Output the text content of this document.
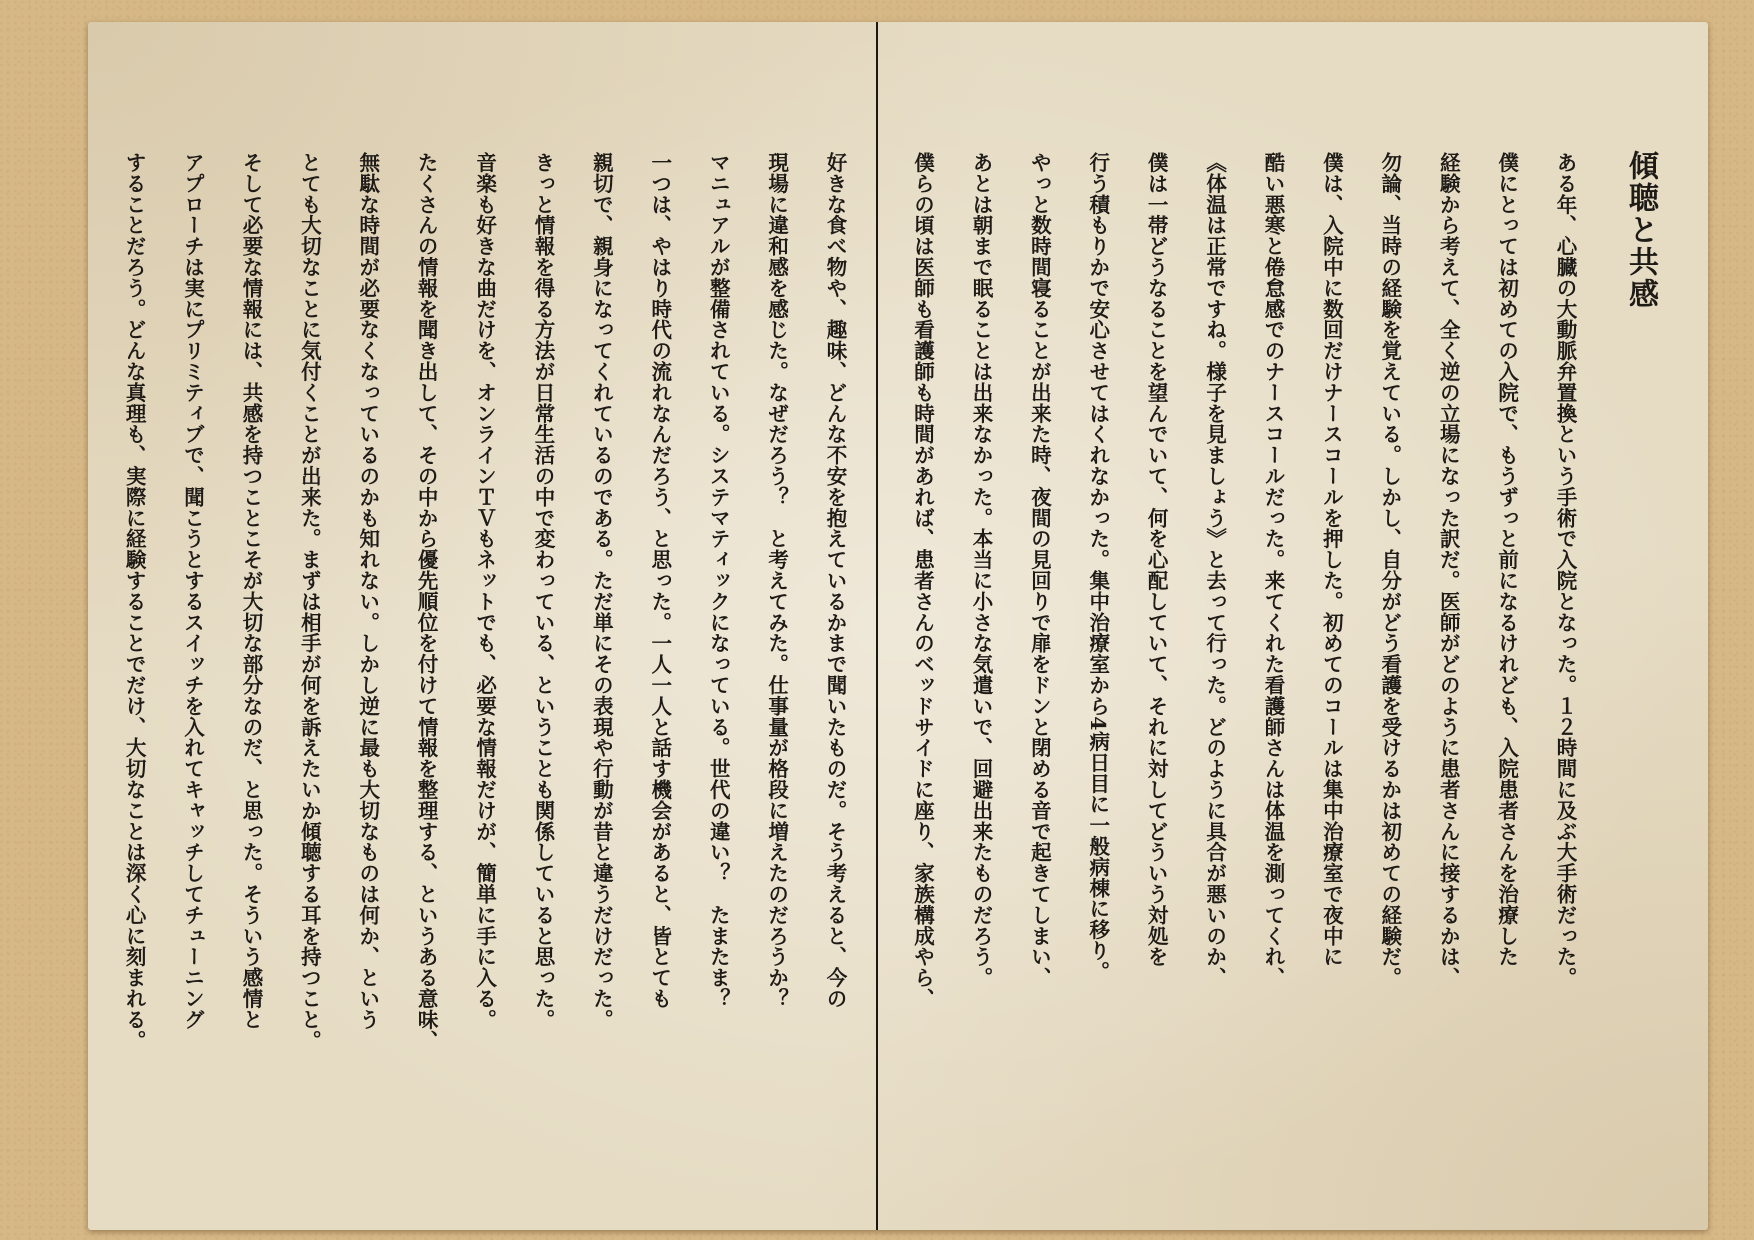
傾聴と共感
ある年、心臓の大動脈弁置換という手術で入院となった。１２時間に及ぶ大手術だった。
僕にとっては初めての入院で、もうずっと前になるけれども、入院患者さんを治療した
経験から考えて、全く逆の立場になった訳だ。医師がどのように患者さんに接するかは、
勿論、当時の経験を覚えている。しかし、自分がどう看護を受けるかは初めての経験だ。
僕は、入院中に数回だけナースコールを押した。初めてのコールは集中治療室で夜中に
酷い悪寒と倦怠感でのナースコールだった。来てくれた看護師さんは体温を測ってくれ、
《体温は正常ですね。様子を見ましょう》と去って行った。どのように具合が悪いのか、
僕は一帯どうなることを望んでいて、何を心配していて、それに対してどういう対処を
行う積もりかで安心させてはくれなかった。集中治療室から4病日目に一般病棟に移り。
やっと数時間寝ることが出来た時、夜間の見回りで扉をドンと閉める音で起きてしまい、
あとは朝まで眠ることは出来なかった。本当に小さな気遣いで、回避出来たものだろう。
僕らの頃は医師も看護師も時間があれば、患者さんのベッドサイドに座り、家族構成やら、
好きな食べ物や、趣味、どんな不安を抱えているかまで聞いたものだ。そう考えると、今の
現場に違和感を感じた。なぜだろう？　と考えてみた。仕事量が格段に増えたのだろうか？
マニュアルが整備されている。システマティックになっている。世代の違い？　たまたま？
一つは、やはり時代の流れなんだろう、と思った。一人一人と話す機会があると、皆とても
親切で、親身になってくれているのである。ただ単にその表現や行動が昔と違うだけだった。
きっと情報を得る方法が日常生活の中で変わっている、ということも関係していると思った。
音楽も好きな曲だけを、オンラインＴＶもネットでも、必要な情報だけが、簡単に手に入る。
たくさんの情報を聞き出して、その中から優先順位を付けて情報を整理する、というある意味、
無駄な時間が必要なくなっているのかも知れない。しかし逆に最も大切なものは何か、という
とても大切なことに気付くことが出来た。まずは相手が何を訴えたいか傾聴する耳を持つこと。
そして必要な情報には、共感を持つことこそが大切な部分なのだ、と思った。そういう感情と
アプローチは実にプリミティブで、聞こうとするスイッチを入れてキャッチしてチューニング
することだろう。どんな真理も、実際に経験することでだけ、大切なことは深く心に刻まれる。
